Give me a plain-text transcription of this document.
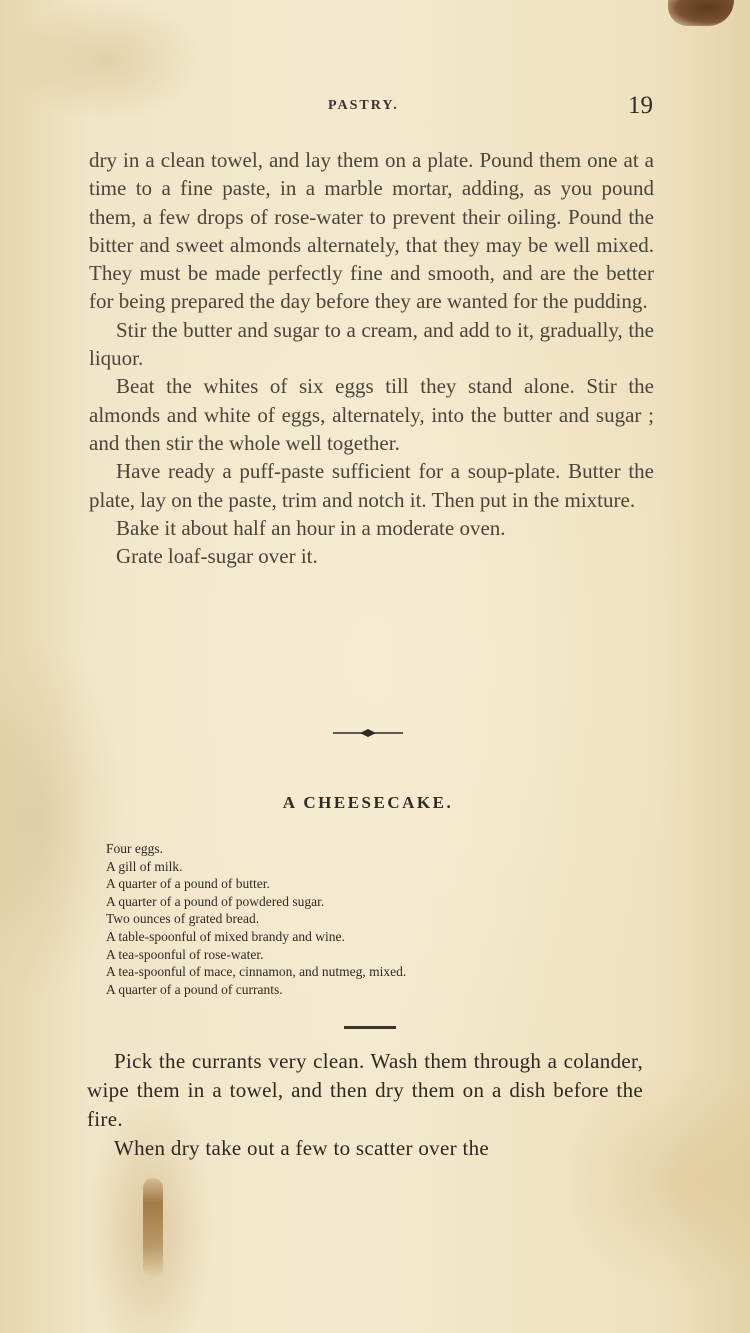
PASTRY.	19

dry in a clean towel, and lay them on a plate. Pound them one at a time to a fine paste, in a marble mortar, adding, as you pound them, a few drops of rose-water to prevent their oiling. Pound the bitter and sweet almonds alternately, that they may be well mixed. They must be made perfectly fine and smooth, and are the better for being prepared the day before they are wanted for the pudding.

Stir the butter and sugar to a cream, and add to it, gradually, the liquor.

Beat the whites of six eggs till they stand alone. Stir the almonds and white of eggs, alternately, into the butter and sugar ; and then stir the whole well together.

Have ready a puff-paste sufficient for a soup-plate. Butter the plate, lay on the paste, trim and notch it. Then put in the mixture.

Bake it about half an hour in a moderate oven.

Grate loaf-sugar over it.

A CHEESECAKE.
Four eggs.
A gill of milk.
A quarter of a pound of butter.
A quarter of a pound of powdered sugar.
Two ounces of grated bread.
A table-spoonful of mixed brandy and wine.
A tea-spoonful of rose-water.
A tea-spoonful of mace, cinnamon, and nutmeg, mixed.
A quarter of a pound of currants.

Pick the currants very clean. Wash them through a colander, wipe them in a towel, and then dry them on a dish before the fire.

When dry take out a few to scatter over the
